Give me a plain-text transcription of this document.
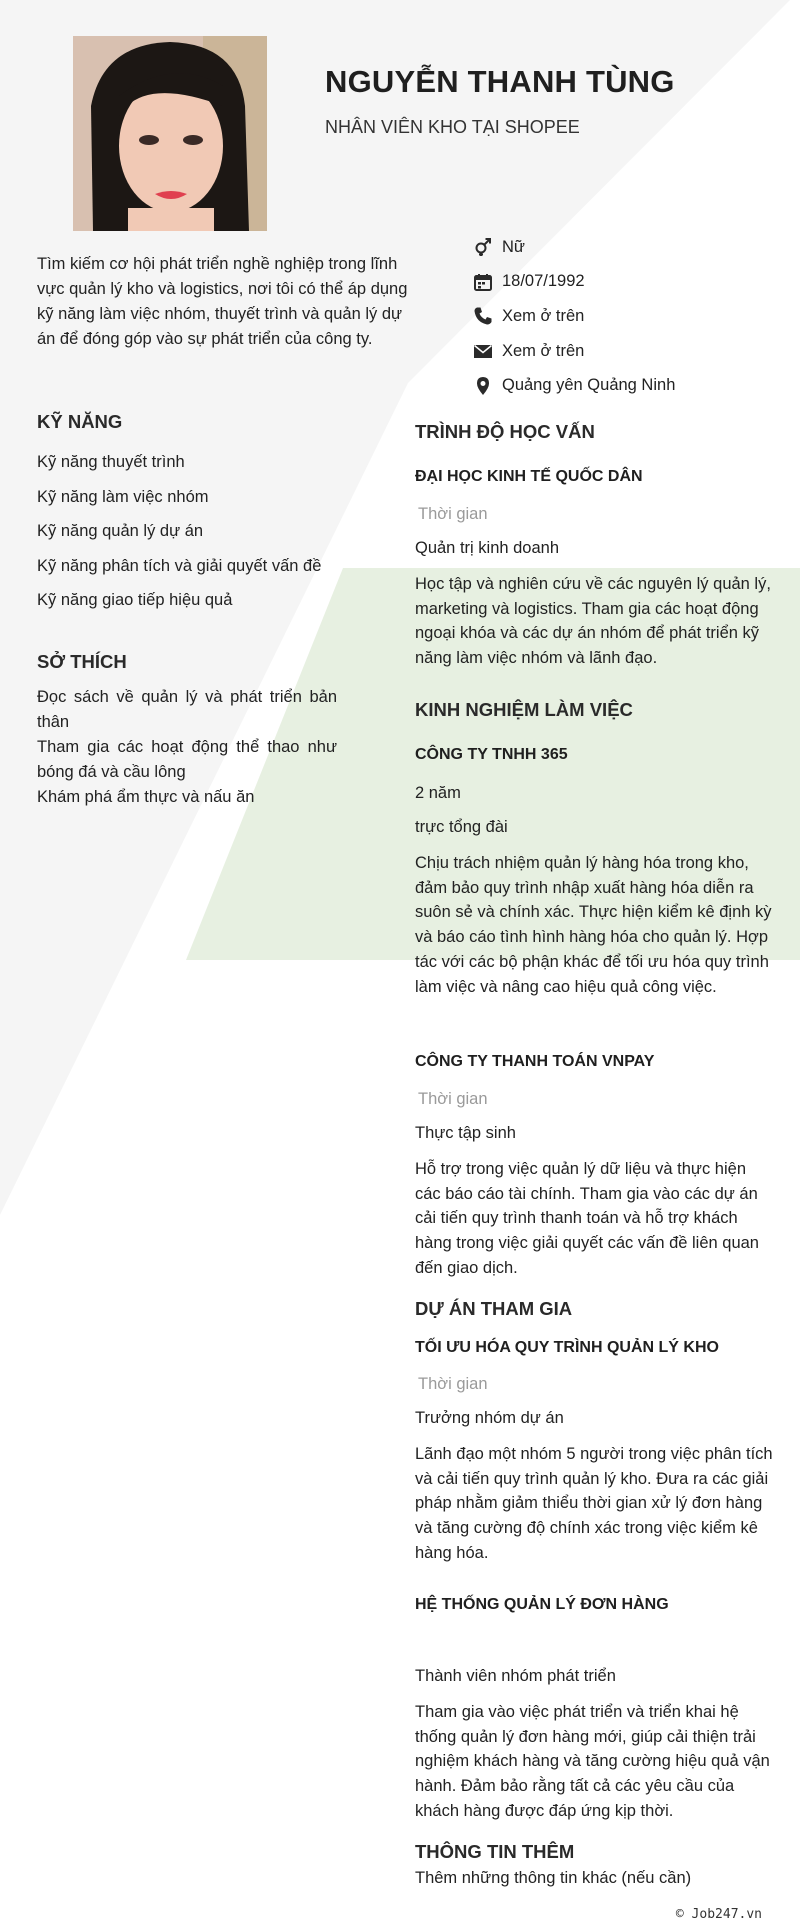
NGUYỄN THANH TÙNG
NHÂN VIÊN KHO TẠI SHOPEE
Tìm kiếm cơ hội phát triển nghề nghiệp trong lĩnh vực quản lý kho và logistics, nơi tôi có thể áp dụng kỹ năng làm việc nhóm, thuyết trình và quản lý dự án để đóng góp vào sự phát triển của công ty.
Nữ
18/07/1992
Xem ở trên
Xem ở trên
Quảng yên Quảng Ninh
KỸ NĂNG
Kỹ năng thuyết trình
Kỹ năng làm việc nhóm
Kỹ năng quản lý dự án
Kỹ năng phân tích và giải quyết vấn đề
Kỹ năng giao tiếp hiệu quả
SỞ THÍCH
Đọc sách về quản lý và phát triển bản thân
Tham gia các hoạt động thể thao như bóng đá và cầu lông
Khám phá ẩm thực và nấu ăn
TRÌNH ĐỘ HỌC VẤN
ĐẠI HỌC KINH TẾ QUỐC DÂN
Thời gian
Quản trị kinh doanh
Học tập và nghiên cứu về các nguyên lý quản lý, marketing và logistics. Tham gia các hoạt động ngoại khóa và các dự án nhóm để phát triển kỹ năng làm việc nhóm và lãnh đạo.
KINH NGHIỆM LÀM VIỆC
CÔNG TY TNHH 365
2 năm
trực tổng đài
Chịu trách nhiệm quản lý hàng hóa trong kho, đảm bảo quy trình nhập xuất hàng hóa diễn ra suôn sẻ và chính xác. Thực hiện kiểm kê định kỳ và báo cáo tình hình hàng hóa cho quản lý. Hợp tác với các bộ phận khác để tối ưu hóa quy trình làm việc và nâng cao hiệu quả công việc.
CÔNG TY THANH TOÁN VNPAY
Thời gian
Thực tập sinh
Hỗ trợ trong việc quản lý dữ liệu và thực hiện các báo cáo tài chính. Tham gia vào các dự án cải tiến quy trình thanh toán và hỗ trợ khách hàng trong việc giải quyết các vấn đề liên quan đến giao dịch.
DỰ ÁN THAM GIA
TỐI ƯU HÓA QUY TRÌNH QUẢN LÝ KHO
Thời gian
Trưởng nhóm dự án
Lãnh đạo một nhóm 5 người trong việc phân tích và cải tiến quy trình quản lý kho. Đưa ra các giải pháp nhằm giảm thiểu thời gian xử lý đơn hàng và tăng cường độ chính xác trong việc kiểm kê hàng hóa.
HỆ THỐNG QUẢN LÝ ĐƠN HÀNG
Thành viên nhóm phát triển
Tham gia vào việc phát triển và triển khai hệ thống quản lý đơn hàng mới, giúp cải thiện trải nghiệm khách hàng và tăng cường hiệu quả vận hành. Đảm bảo rằng tất cả các yêu cầu của khách hàng được đáp ứng kịp thời.
THÔNG TIN THÊM
Thêm những thông tin khác (nếu cần)
© Job247.vn
